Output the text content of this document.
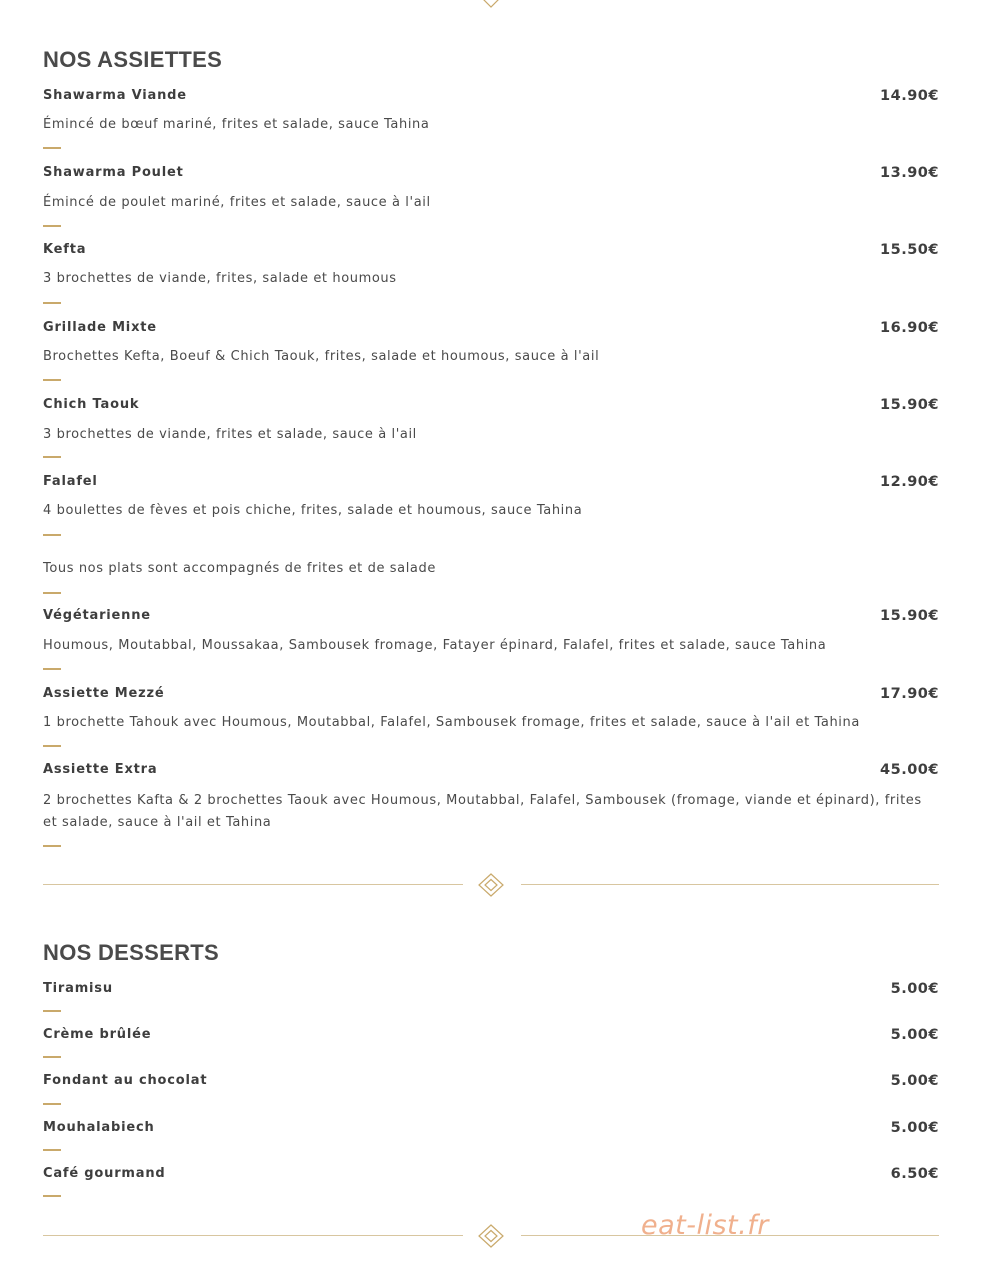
NOS ASSIETTES
Shawarma Viande	14.90€
Émincé de bœuf mariné, frites et salade, sauce Tahina
Shawarma Poulet	13.90€
Émincé de poulet mariné, frites et salade, sauce à l'ail
Kefta	15.50€
3 brochettes de viande, frites, salade et houmous
Grillade Mixte	16.90€
Brochettes Kefta, Boeuf & Chich Taouk, frites, salade et houmous, sauce à l'ail
Chich Taouk	15.90€
3 brochettes de viande, frites et salade, sauce à l'ail
Falafel	12.90€
4 boulettes de fèves et pois chiche, frites, salade et houmous, sauce Tahina
Tous nos plats sont accompagnés de frites et de salade
Végétarienne	15.90€
Houmous, Moutabbal, Moussakaa, Sambousek fromage, Fatayer épinard, Falafel, frites et salade, sauce Tahina
Assiette Mezzé	17.90€
1 brochette Tahouk avec Houmous, Moutabbal, Falafel, Sambousek fromage, frites et salade, sauce à l'ail et Tahina
Assiette Extra	45.00€
2 brochettes Kafta & 2 brochettes Taouk avec Houmous, Moutabbal, Falafel, Sambousek (fromage, viande et épinard), frites et salade, sauce à l'ail et Tahina
NOS DESSERTS
Tiramisu	5.00€
Crème brûlée	5.00€
Fondant au chocolat	5.00€
Mouhalabiech	5.00€
Café gourmand	6.50€
eat-list.fr
